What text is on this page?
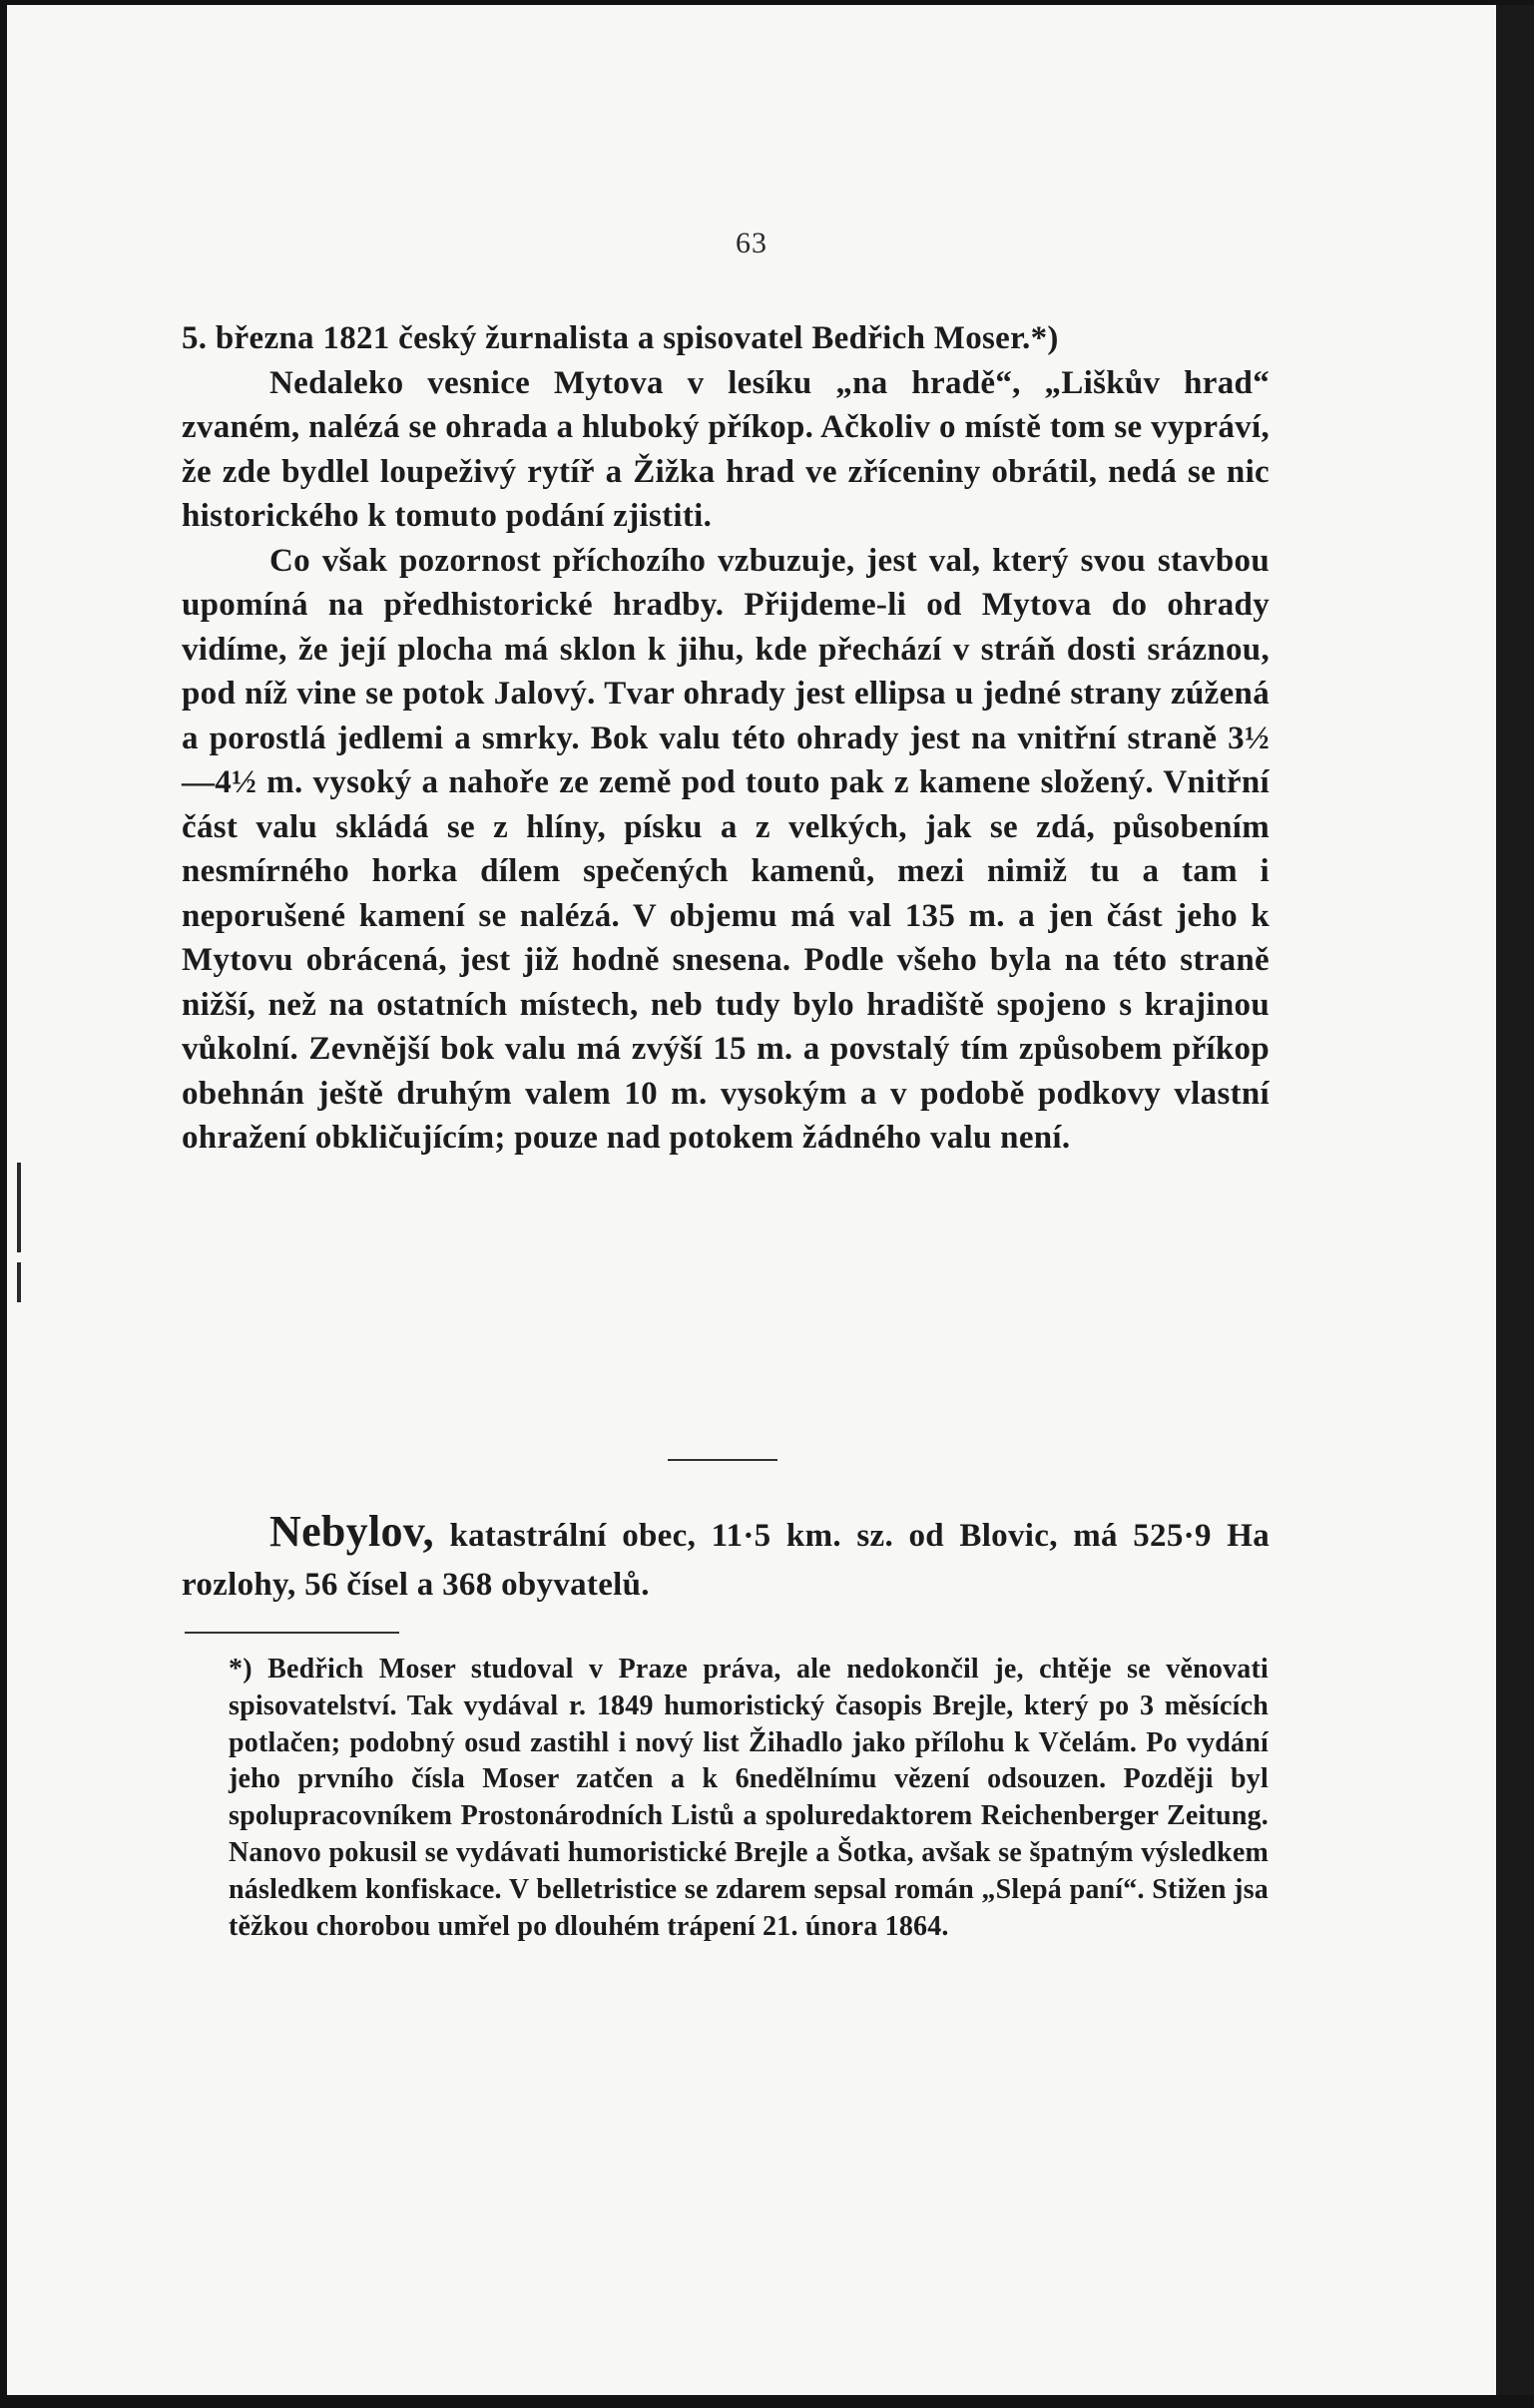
63

5. března 1821 český žurnalista a spisovatel Bedřich Moser.*)

Nedaleko vesnice Mytova v lesíku „na hradě“, „Liškův hrad“ zvaném, nalézá se ohrada a hluboký příkop. Ačkoliv o místě tom se vypráví, že zde bydlel loupeživý rytíř a Žižka hrad ve zříceniny obrátil, nedá se nic historického k tomuto podání zjistiti.

Co však pozornost příchozího vzbuzuje, jest val, který svou stavbou upomíná na předhistorické hradby. Přijdeme-li od Mytova do ohrady vidíme, že její plocha má sklon k jihu, kde přechází v stráň dosti sráznou, pod níž vine se potok Jalový. Tvar ohrady jest ellipsa u jedné strany zúžená a porostlá jedlemi a smrky. Bok valu této ohrady jest na vnitřní straně 3½—4½ m. vysoký a nahoře ze země pod touto pak z kamene složený. Vnitřní část valu skládá se z hlíny, písku a z velkých, jak se zdá, působením nesmírného horka dílem spečených kamenů, mezi nimiž tu a tam i neporušené kamení se nalézá. V objemu má val 135 m. a jen část jeho k Mytovu obrácená, jest již hodně snesena. Podle všeho byla na této straně nižší, než na ostatních místech, neb tudy bylo hradiště spojeno s krajinou vůkolní. Zevnější bok valu má zvýší 15 m. a povstalý tím způsobem příkop obehnán ještě druhým valem 10 m. vysokým a v podobě podkovy vlastní ohražení obkličujícím; pouze nad potokem žádného valu není.

Nebylov, katastrální obec, 11·5 km. sz. od Blovic, má 525·9 Ha rozlohy, 56 čísel a 368 obyvatelů.

*) Bedřich Moser studoval v Praze práva, ale nedokončil je, chtěje se věnovati spisovatelství. Tak vydával r. 1849 humoristický časopis Brejle, který po 3 měsících potlačen; podobný osud zastihl i nový list Žihadlo jako přílohu k Včelám. Po vydání jeho prvního čísla Moser zatčen a k 6nedělnímu vězení odsouzen. Později byl spolupracovníkem Prostonárodních Listů a spoluredaktorem Reichenberger Zeitung. Nanovo pokusil se vydávati humoristické Brejle a Šotka, avšak se špatným výsledkem následkem konfiskace. V belletristice se zdarem sepsal román „Slepá paní“. Stižen jsa těžkou chorobou umřel po dlouhém trápení 21. února 1864.
